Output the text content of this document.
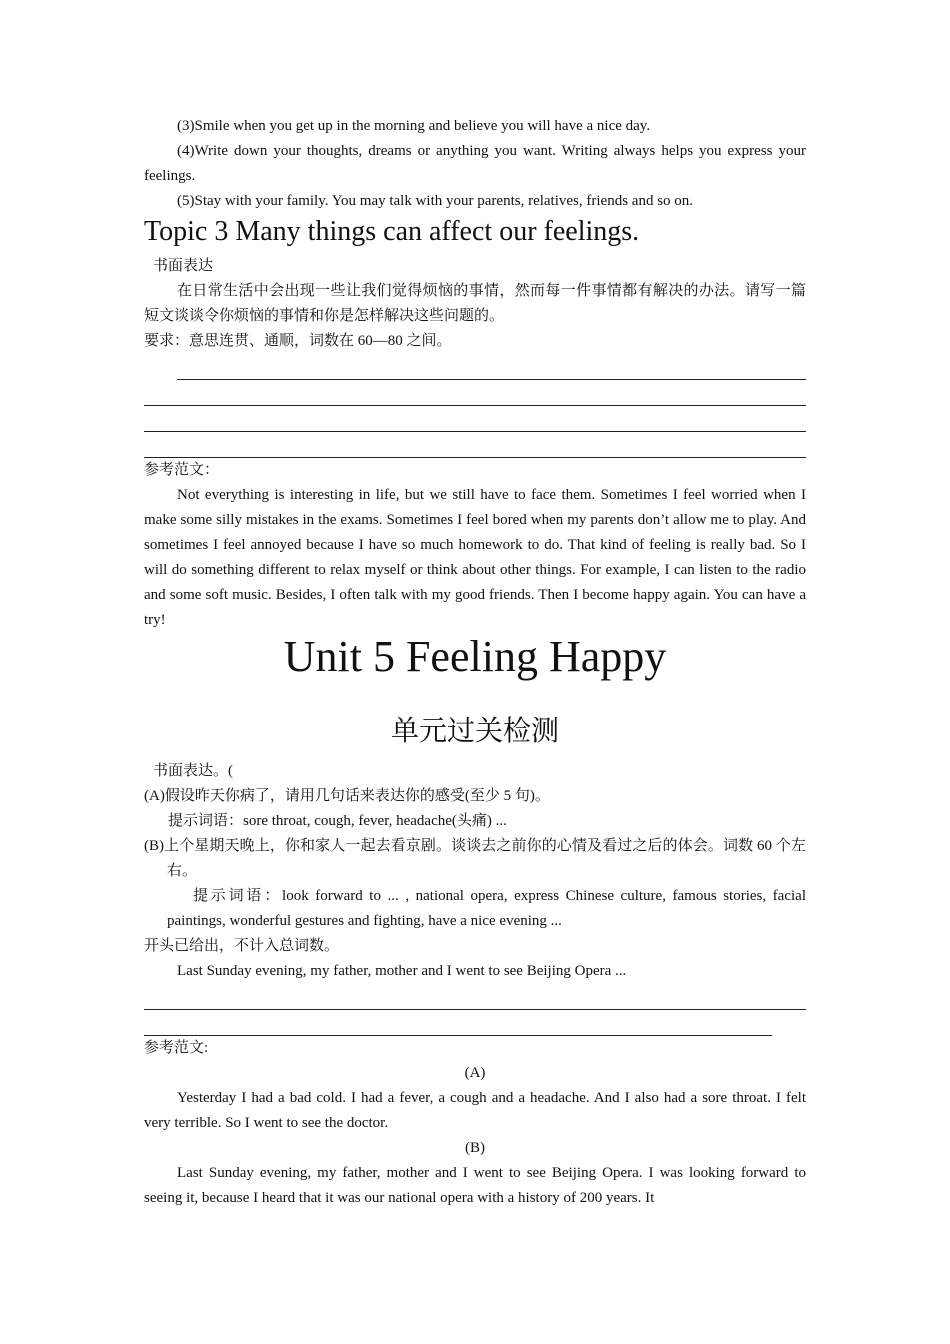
(3)Smile when you get up in the morning and believe you will have a nice day.

(4)Write down your thoughts, dreams or anything you want. Writing always helps you express your feelings.

(5)Stay with your family. You may talk with your parents, relatives, friends and so on.

Topic 3 Many things can affect our feelings.

书面表达

在日常生活中会出现一些让我们觉得烦恼的事情，然而每一件事情都有解决的办法。请写一篇短文谈谈令你烦恼的事情和你是怎样解决这些问题的。

要求：意思连贯、通顺，词数在 60—80 之间。

参考范文：

Not everything is interesting in life, but we still have to face them. Sometimes I feel worried when I make some silly mistakes in the exams. Sometimes I feel bored when my parents don’t allow me to play. And sometimes I feel annoyed because I have so much homework to do. That kind of feeling is really bad. So I will do something different to relax myself or think about other things. For example, I can listen to the radio and some soft music. Besides, I often talk with my good friends. Then I become happy again. You can have a try!

Unit 5 Feeling Happy
单元过关检测

书面表达。(

(A)假设昨天你病了，请用几句话来表达你的感受(至少 5 句)。

提示词语：sore throat, cough, fever, headache(头痛) ...

(B)上个星期天晚上，你和家人一起去看京剧。谈谈去之前你的心情及看过之后的体会。词数 60 个左右。

提示词语：look forward to ... , national opera, express Chinese culture, famous stories, facial paintings, wonderful gestures and fighting, have a nice evening ...

开头已给出，不计入总词数。

Last Sunday evening, my father, mother and I went to see Beijing Opera ...

参考范文:

(A)

Yesterday I had a bad cold. I had a fever, a cough and a headache. And I also had a sore throat. I felt very terrible. So I went to see the doctor.

(B)

Last Sunday evening, my father, mother and I went to see Beijing Opera. I was looking forward to seeing it, because I heard that it was our national opera with a history of 200 years. It
